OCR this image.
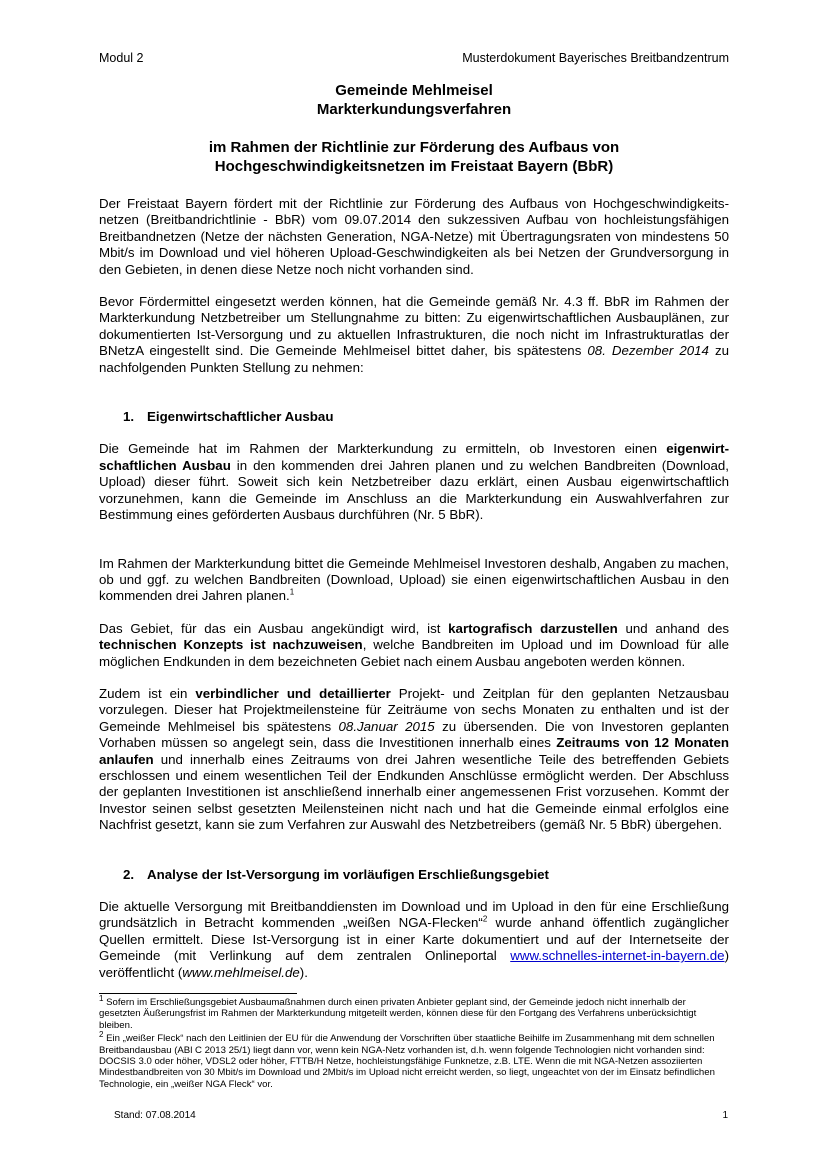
Modul 2	Musterdokument Bayerisches Breitbandzentrum
Gemeinde Mehlmeisel
Markterkundungsverfahren
im Rahmen der Richtlinie zur Förderung des Aufbaus von
Hochgeschwindigkeitsnetzen im Freistaat Bayern (BbR)

Der Freistaat Bayern fördert mit der Richtlinie zur Förderung des Aufbaus von Hochgeschwindigkeitsnetzen (Breitbandrichtlinie - BbR) vom 09.07.2014 den sukzessiven Aufbau von hochleistungsfähigen Breitbandnetzen (Netze der nächsten Generation, NGA-Netze) mit Übertragungsraten von mindestens 50 Mbit/s im Download und viel höheren Upload-Geschwindigkeiten als bei Netzen der Grundversorgung in den Gebieten, in denen diese Netze noch nicht vorhanden sind.

Bevor Fördermittel eingesetzt werden können, hat die Gemeinde gemäß Nr. 4.3 ff. BbR im Rahmen der Markterkundung Netzbetreiber um Stellungnahme zu bitten: Zu eigenwirtschaftlichen Ausbauplänen, zur dokumentierten Ist-Versorgung und zu aktuellen Infrastrukturen, die noch nicht im Infrastrukturatlas der BNetzA eingestellt sind. Die Gemeinde Mehlmeisel bittet daher, bis spätestens 08. Dezember 2014 zu nachfolgenden Punkten Stellung zu nehmen:

1. Eigenwirtschaftlicher Ausbau

Die Gemeinde hat im Rahmen der Markterkundung zu ermitteln, ob Investoren einen eigenwirtschaftlichen Ausbau in den kommenden drei Jahren planen und zu welchen Bandbreiten (Download, Upload) dieser führt. Soweit sich kein Netzbetreiber dazu erklärt, einen Ausbau eigenwirtschaftlich vorzunehmen, kann die Gemeinde im Anschluss an die Markterkundung ein Auswahlverfahren zur Bestimmung eines geförderten Ausbaus durchführen (Nr. 5 BbR).

Im Rahmen der Markterkundung bittet die Gemeinde Mehlmeisel Investoren deshalb, Angaben zu machen, ob und ggf. zu welchen Bandbreiten (Download, Upload) sie einen eigenwirtschaftlichen Ausbau in den kommenden drei Jahren planen.$^1$

Das Gebiet, für das ein Ausbau angekündigt wird, ist kartografisch darzustellen und anhand des technischen Konzepts ist nachzuweisen, welche Bandbreiten im Upload und im Download für alle möglichen Endkunden in dem bezeichneten Gebiet nach einem Ausbau angeboten werden können.

Zudem ist ein verbindlicher und detaillierter Projekt- und Zeitplan für den geplanten Netzausbau vorzulegen. Dieser hat Projektmeilensteine für Zeiträume von sechs Monaten zu enthalten und ist der Gemeinde Mehlmeisel bis spätestens 08.Januar 2015 zu übersenden. Die von Investoren geplanten Vorhaben müssen so angelegt sein, dass die Investitionen innerhalb eines Zeitraums von 12 Monaten anlaufen und innerhalb eines Zeitraums von drei Jahren wesentliche Teile des betreffenden Gebiets erschlossen und einem wesentlichen Teil der Endkunden Anschlüsse ermöglicht werden. Der Abschluss der geplanten Investitionen ist anschließend innerhalb einer angemessenen Frist vorzusehen. Kommt der Investor seinen selbst gesetzten Meilensteinen nicht nach und hat die Gemeinde einmal erfolglos eine Nachfrist gesetzt, kann sie zum Verfahren zur Auswahl des Netzbetreibers (gemäß Nr. 5 BbR) übergehen.

2. Analyse der Ist-Versorgung im vorläufigen Erschließungsgebiet

Die aktuelle Versorgung mit Breitbanddiensten im Download und im Upload in den für eine Erschließung grundsätzlich in Betracht kommenden „weißen NGA-Flecken“$^2$ wurde anhand öffentlich zugänglicher Quellen ermittelt. Diese Ist-Versorgung ist in einer Karte dokumentiert und auf der Internetseite der Gemeinde (mit Verlinkung auf dem zentralen Onlineportal www.schnelles-internet-in-bayern.de) veröffentlicht (www.mehlmeisel.de).

$^1$ Sofern im Erschließungsgebiet Ausbaumaßnahmen durch einen privaten Anbieter geplant sind, der Gemeinde jedoch nicht innerhalb der gesetzten Äußerungsfrist im Rahmen der Markterkundung mitgeteilt werden, können diese für den Fortgang des Verfahrens unberücksichtigt bleiben.

$^2$ Ein „weißer Fleck“ nach den Leitlinien der EU für die Anwendung der Vorschriften über staatliche Beihilfe im Zusammenhang mit dem schnellen Breitbandausbau (ABl C 2013 25/1) liegt dann vor, wenn kein NGA-Netz vorhanden ist, d.h. wenn folgende Technologien nicht vorhanden sind: DOCSIS 3.0 oder höher, VDSL2 oder höher, FTTB/H Netze, hochleistungsfähige Funknetze, z.B. LTE. Wenn die mit NGA-Netzen assoziierten Mindestbandbreiten von 30 Mbit/s im Download und 2Mbit/s im Upload nicht erreicht werden, so liegt, ungeachtet von der im Einsatz befindlichen Technologie, ein „weißer NGA Fleck“ vor.

Stand: 07.08.2014	1
